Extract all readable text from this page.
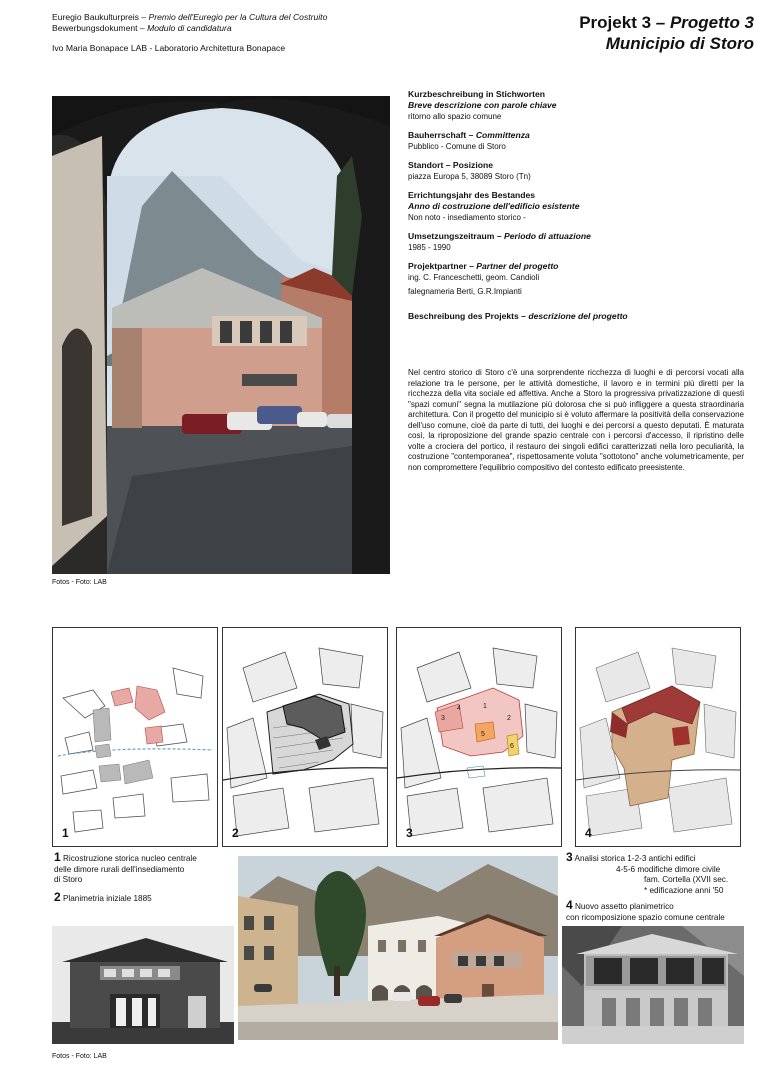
Euregio Baukulturpreis – Premio dell'Euregio per la Cultura del Costruito
Bewerbungsdokument – Modulo di candidatura
Ivo Maria Bonapace LAB - Laboratorio Architettura Bonapace
Projekt 3 – Progetto 3
Municipio di Storo
Fotos - Foto: LAB
Kurzbeschreibung in Stichworten
Breve descrizione con parole chiave
ritorno allo spazio comune
Bauherrschaft – Committenza
Pubblico - Comune di Storo
Standort – Posizione
piazza Europa 5, 38089 Storo (Tn)
Errichtungsjahr des Bestandes
Anno di costruzione dell'edificio esistente
Non noto - insediamento storico -
Umsetzungszeitraum – Periodo di attuazione
1985 - 1990
Projektpartner – Partner del progetto
ing. C. Franceschetti, geom. Candioli
falegnameria Berti, G.R.Impianti
Beschreibung des Projekts – descrizione del progetto
Nel centro storico di Storo c'è una sorprendente ricchezza di luoghi e di percorsi vocati alla relazione tra le persone, per le attività domestiche, il lavoro e in termini più diretti per la ricchezza della vita sociale ed affettiva. Anche a Storo la progressiva privatizzazione di questi "spazi comuni" segna la mutilazione più dolorosa che si può infliggere a questa straordinaria architettura. Con il progetto del municipio si è voluto affermare la positività della conservazione dell'uso comune, cioè da parte di tutti, dei luoghi e dei percorsi a questo deputati. È maturata così, la riproposizione del grande spazio centrale con i percorsi d'accesso, il ripristino delle volte a crociera del portico, il restauro dei singoli edifici caratterizzati nella loro peculiarità, la costruzione "contemporanea", rispettosamente voluta "sottotono" anche volumetricamente, per non compromettere l'equilibrio compositivo del contesto edificato preesistente.
1	2
1
2
3
4
5
6
3	4
1 Ricostruzione storica nucleo centrale
delle dimore rurali dell'insediamento
di Storo
2 Planimetria iniziale 1885
3 Analisi storica 1-2-3 antichi edifici
4-5-6 modifiche dimore civile
fam. Cortella (XVII sec.
* edificazione anni '50
4 Nuovo assetto planimetrico
con ricomposizione spazio comune centrale
Fotos - Foto: LAB
